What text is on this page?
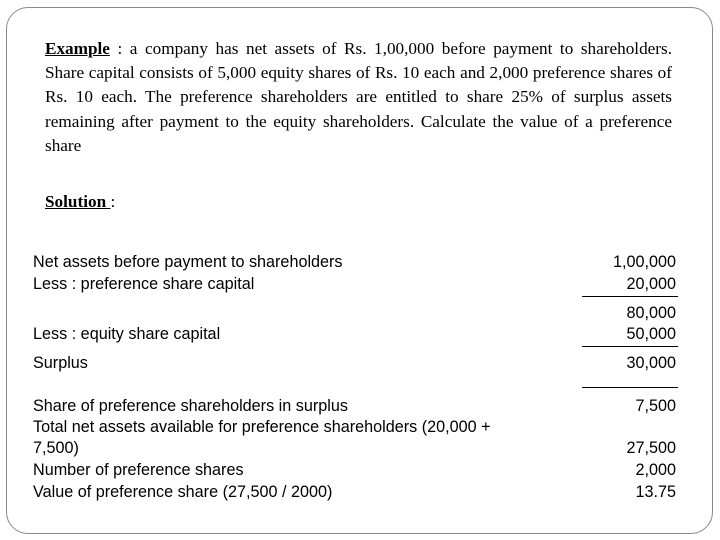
Example : a company has net assets of Rs. 1,00,000 before payment to shareholders. Share capital consists of 5,000 equity shares of Rs. 10 each and 2,000 preference shares of Rs. 10 each. The preference shareholders are entitled to share 25% of surplus assets remaining after payment to the equity shareholders. Calculate the value of a preference share
Solution :
Net assets before payment to shareholders
Less : preference share capital
Less : equity share capital
Surplus
Share of preference shareholders in surplus
Total net assets available for preference shareholders (20,000 +
7,500)
Number of preference shares
Value of preference share (27,500 / 2000)
1,00,000
20,000
80,000
50,000
30,000
7,500
27,500
2,000
13.75
